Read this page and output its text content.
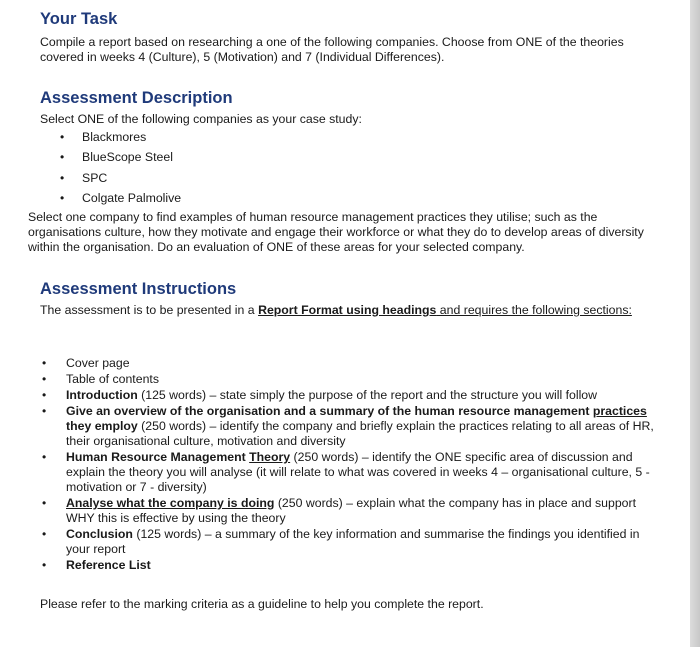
Your Task

Compile a report based on researching a one of the following companies. Choose from ONE of the theories covered in weeks 4 (Culture), 5 (Motivation) and 7 (Individual Differences).

Assessment Description

Select ONE of the following companies as your case study:

• Blackmores
• BlueScope Steel
• SPC
• Colgate Palmolive

Select one company to find examples of human resource management practices they utilise; such as the organisations culture, how they motivate and engage their workforce or what they do to develop areas of diversity within the organisation. Do an evaluation of ONE of these areas for your selected company.

Assessment Instructions

The assessment is to be presented in a Report Format using headings and requires the following sections:

• Cover page
• Table of contents
• Introduction (125 words) – state simply the purpose of the report and the structure you will follow
• Give an overview of the organisation and a summary of the human resource management practices they employ (250 words) – identify the company and briefly explain the practices relating to all areas of HR, their organisational culture, motivation and diversity
• Human Resource Management Theory (250 words) – identify the ONE specific area of discussion and explain the theory you will analyse (it will relate to what was covered in weeks 4 – organisational culture, 5 - motivation or 7 - diversity)
• Analyse what the company is doing (250 words) – explain what the company has in place and support WHY this is effective by using the theory
• Conclusion (125 words) – a summary of the key information and summarise the findings you identified in your report
• Reference List

Please refer to the marking criteria as a guideline to help you complete the report.
